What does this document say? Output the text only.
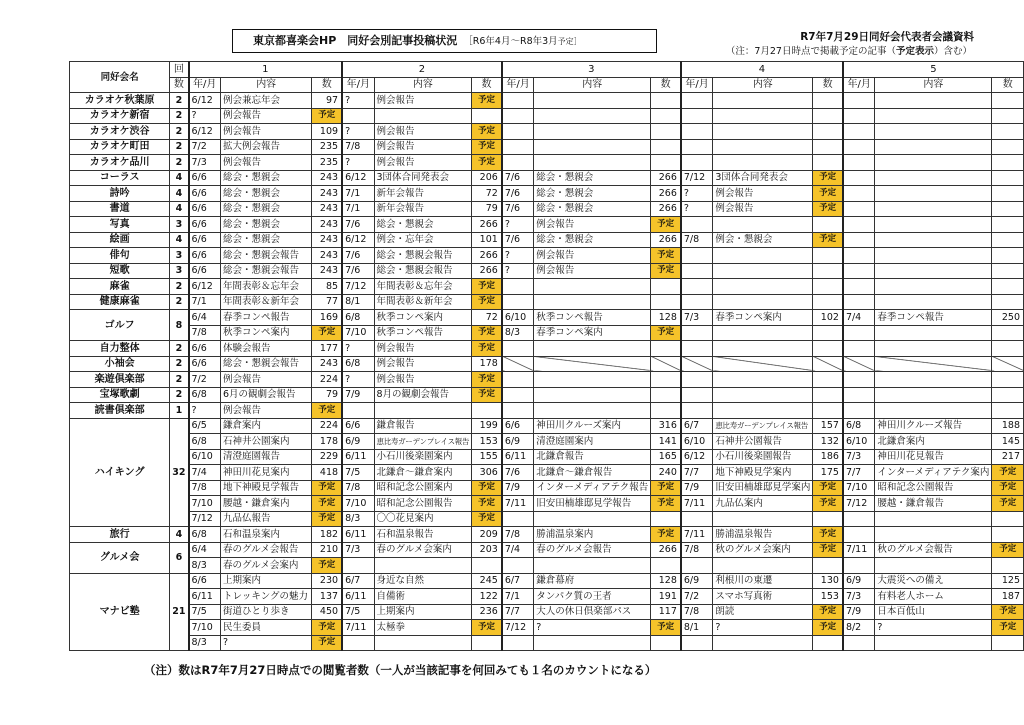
東京都喜楽会HP　同好会別記事投稿状況 ［R6年4月～R8年3月予定］	R7年7月29日同好会代表者会議資料
（注：7月27日時点で掲載予定の記事（予定表示）含む）
同好会名	回	1			2			3			4			5		
	数	年/月	内容	数	年/月	内容	数	年/月	内容	数	年/月	内容	数	年/月	内容	数
カラオケ秋葉原	2	6/12	例会兼忘年会	97	?	例会報告	予定									
カラオケ新宿	2	?	例会報告	予定												
カラオケ渋谷	2	6/12	例会報告	109	?	例会報告	予定									
カラオケ町田	2	7/2	拡大例会報告	235	7/8	例会報告	予定									
カラオケ品川	2	7/3	例会報告	235	?	例会報告	予定									
コーラス	4	6/6	総会・懇親会	243	6/12	3団体合同発表会	206	7/6	総会・懇親会	266	7/12	3団体合同発表会	予定			
詩吟	4	6/6	総会・懇親会	243	7/1	新年会報告	72	7/6	総会・懇親会	266	?	例会報告	予定			
書道	4	6/6	総会・懇親会	243	7/1	新年会報告	79	7/6	総会・懇親会	266	?	例会報告	予定			
写真	3	6/6	総会・懇親会	243	7/6	総会・懇親会	266	?	例会報告	予定						
絵画	4	6/6	総会・懇親会	243	6/12	例会・忘年会	101	7/6	総会・懇親会	266	7/8	例会・懇親会	予定			
俳句	3	6/6	総会・懇親会報告	243	7/6	総会・懇親会報告	266	?	例会報告	予定						
短歌	3	6/6	総会・懇親会報告	243	7/6	総会・懇親会報告	266	?	例会報告	予定						
麻雀	2	6/12	年間表彰＆忘年会	85	7/12	年間表彰＆忘年会	予定									
健康麻雀	2	7/1	年間表彰＆新年会	77	8/1	年間表彰＆新年会	予定									
ゴルフ	8	6/4	春季コンペ報告	169	6/8	秋季コンペ案内	72	6/10	秋季コンペ報告	128	7/3	春季コンペ案内	102	7/4	春季コンペ報告	250
		7/8	秋季コンペ案内	予定	7/10	秋季コンペ報告	予定	8/3	春季コンペ案内	予定						
自力整体	2	6/6	体験会報告	177	?	例会報告	予定									
小袖会	2	6/6	総会・懇親会報告	243	6/8	例会報告	178									
楽遊倶楽部	2	7/2	例会報告	224	?	例会報告	予定									
宝塚歌劇	2	6/8	6月の観劇会報告	79	7/9	8月の観劇会報告	予定									
読書倶楽部	1	?	例会報告	予定												
ハイキング	32	6/5	鎌倉案内	224	6/6	鎌倉報告	199	6/6	神田川クルーズ案内	316	6/7	恵比寿ガーデンプレイス報告	157	6/8	神田川クルーズ報告	188
		6/8	石神井公園案内	178	6/9	恵比寿ガーデンプレイス報告	153	6/9	清澄庭園案内	141	6/10	石神井公園報告	132	6/10	北鎌倉案内	145
		6/10	清澄庭園報告	229	6/11	小石川後楽園案内	155	6/11	北鎌倉報告	165	6/12	小石川後楽園報告	186	7/3	神田川花見報告	217
		7/4	神田川花見案内	418	7/5	北鎌倉～鎌倉案内	306	7/6	北鎌倉～鎌倉報告	240	7/7	地下神殿見学案内	175	7/7	インターメディアテク案内	予定
		7/8	地下神殿見学報告	予定	7/8	昭和記念公園案内	予定	7/9	インターメディアテク報告	予定	7/9	旧安田楠雄邸見学案内	予定	7/10	昭和記念公園報告	予定
		7/10	腰越・鎌倉案内	予定	7/10	昭和記念公園報告	予定	7/11	旧安田楠雄邸見学報告	予定	7/11	九品仏案内	予定	7/12	腰越・鎌倉報告	予定
		7/12	九品仏報告	予定	8/3	〇〇花見案内	予定									
旅行	4	6/8	石和温泉案内	182	6/11	石和温泉報告	209	7/8	勝浦温泉案内	予定	7/11	勝浦温泉報告	予定			
グルメ会	6	6/4	春のグルメ会報告	210	7/3	春のグルメ会案内	203	7/4	春のグルメ会報告	266	7/8	秋のグルメ会案内	予定	7/11	秋のグルメ会報告	予定
		8/3	春のグルメ会案内	予定												
マナビ塾	21	6/6	上期案内	230	6/7	身近な自然	245	6/7	鎌倉幕府	128	6/9	利根川の東遷	130	6/9	大震災への備え	125
		6/11	トレッキングの魅力	137	6/11	自備術	122	7/1	タンパク質の王者	191	7/2	スマホ写真術	153	7/3	有料老人ホーム	187
		7/5	街道ひとり歩き	450	7/5	上期案内	236	7/7	大人の休日倶楽部パス	117	7/8	朗読	予定	7/9	日本百低山	予定
		7/10	民生委員	予定	7/11	太極拳	予定	7/12	?	予定	8/1	?	予定	8/2	?	予定
		8/3	?	予定												
（注）数はR7年7月27日時点での閲覧者数（一人が当該記事を何回みても１名のカウントになる）
